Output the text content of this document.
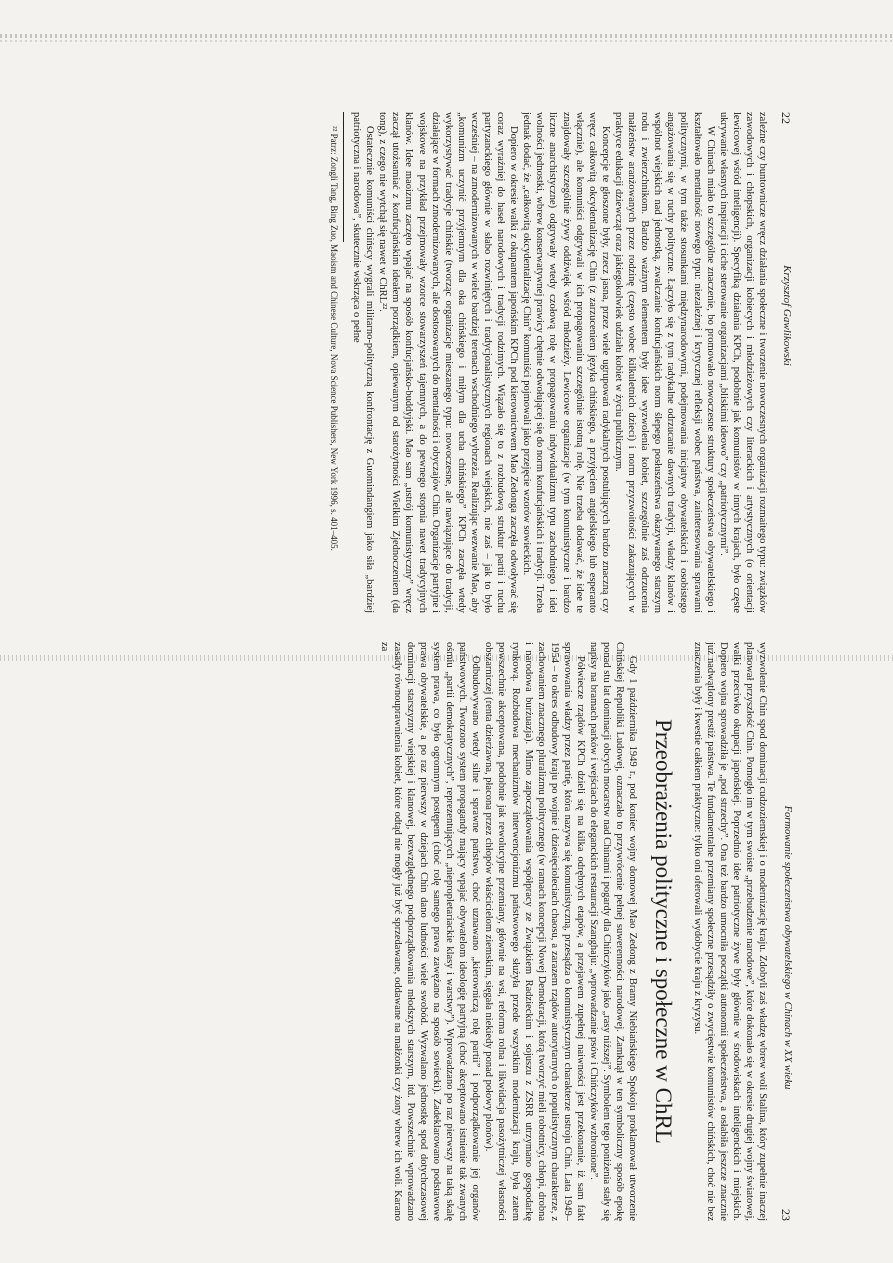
22
Krzysztof Gawlikowski

zależne czy buntownicze wręcz działania społeczne i tworzenie nowoczesnych organizacji rozmaitego typu: związków zawodowych i chłopskich, organizacji kobiecych i młodzieżowych czy literackich i artystycznych (o orientacji lewicowej wśród inteligencji). Specyfiką działania KPCh, podobnie jak komunistów w innych krajach, było częste ukrywanie własnych inspiracji i ciche sterowanie organizacjami „bliskimi ideowo” czy „patriotycznymi”.

W Chinach miało to szczególne znaczenie, bo promowało nowoczesne struktury społeczeństwa obywatelskiego i kształtowało mentalność nowego typu: niezależnej i krytycznej refleksji wobec państwa, zainteresowania sprawami politycznymi, w tym także stosunkami międzynarodowymi, podejmowania inicjatyw obywatelskich i osobistego angażowania się w ruchy polityczne. Łączyło się z tym radykalne odrzucanie dawnych tradycji, władzy klanów i wspólnot wiejskich nad jednostką, zwalczanie konfucjańskich norm ślepego posłuszeństwa okazywanego starszym rodu i zwierzchnikom. Bardzo ważnym elementem były idee wyzwolenia kobiet, szczególnie zaś odrzucenia małżeństw aranżowanych przez rodzinę (często wobec kilkuletnich dzieci) i norm przyzwoitości zakazujących w praktyce edukacji dziewcząt oraz jakiegokolwiek udziału kobiet w życiu publicznym.

Koncepcje te głoszone były, rzecz jasna, przez wiele ugrupowań radykalnych postulujących bardzo znaczną czy wręcz całkowitą okcydentalizację Chin (z zarzuceniem języka chińskiego, a przyjęciem angielskiego lub esperanto włącznie), ale komuniści odgrywali w ich propagowaniu szczególnie istotną rolę. Nie trzeba dodawać, że idee te znajdowały szczególnie żywy oddźwięk wśród młodzieży. Lewicowe organizacje (w tym komunistyczne i bardzo liczne anarchistyczne) odgrywały wtedy czołową rolę w propagowaniu indywidualizmu typu zachodniego i idei wolności jednostki, wbrew konserwatywnej prawicy chętnie odwołującej się do norm konfucjańskich i tradycji. Trzeba jednak dodać, że „całkowitą okcydentalizację Chin” komuniści pojmowali jako przejęcie wzorów sowieckich.

Dopiero w okresie walki z okupantem japońskim KPCh pod kierownictwem Mao Zedonga zaczęła odwoływać się coraz wyraźniej do haseł narodowych i tradycji rodzimych. Wiązało się to z rozbudową struktur partii i ruchu partyzanckiego głównie w słabo rozwiniętych i tradycjonalistycznych regionach wiejskich, nie zaś – jak to było wcześniej – na zmodernizowanych w wielce bardziej terenach wschodniego wybrzeża. Realizując wezwanie Mao, aby „komunizm uczynić przyjemnym dla oka chińskiego i miłym dla ucha chińskiego” KPCh zaczęła wtedy wykorzystywać tradycje chińskie (tworząc organizacje mieszanego typu: nowoczesne, ale nawiązujące do tradycji, działające w formach zmodernizowanych, ale dostosowanych do mentalności i obyczajów Chin. Organizacje partyjne i wojskowe na przykład przejmowały wzorce stowarzyszeń tajemnych, a do pewnego stopnia nawet tradycyjnych klanów. Idee maoizmu zaczęto wpajać na sposób konfucjańsko-buddyjski. Mao sam „ustrój komunistyczny” wręcz zaczął utożsamiać z konfucjańskim ideałem porządkiem, opiewanym od starożytności Wielkim Zjednoczeniem (da tong), z czego nie wytchął się nawet w ChRL²².

Ostatecznie komuniści chińscy wygrali militarno-polityczną konfrontację z Guomindangiem jako siła „bardziej patriotyczna i narodowa”, skutecznie wskrząca o pełne

²² Patrz: Zongli Tang, Bing Zuo, Maoism and Chinese Culture, Nova Science Publishers, New York 1996, s. 401–405.

Formowanie społeczeństwa obywatelskiego w Chinach w XX wieku
23

wyzwolenie Chin spod dominacji cudzoziemskiej i o modernizację kraju. Zdobyli zaś władzę wbrew woli Stalina, który zupełnie inaczej planował przyszłość Chin. Pomogło im w tym swoiste „przebudzenie narodowe”, które dokonało się w okresie drugiej wojny światowej, walki przeciwko okupacji japońskiej. Poprzednio idee patriotyczne żywe były głównie w środowiskach inteligenckich i miejskich. Dopiero wojna sprowadziła je „pod strzechy”. Ona też bardzo umocniła początki autonomii społeczeństwa, a osłabiła jeszcze znacznie już nadwątlony prestiż państwa. Te fundamentalne przemiany społeczne przesądziły o zwycięstwie komunistów chińskich, choć nie bez znaczenia były i kwestie całkiem praktyczne: tylko oni oferowali wydobycie kraju z kryzysu.

Przeobrażenia polityczne i społeczne w ChRL

Gdy 1 października 1949 r., pod koniec wojny domowej Mao Zedong z Bramy Niebiańskiego Spokoju proklamował utworzenie Chińskiej Republiki Ludowej, oznaczało to przywrócenie pełnej suwerenności narodowej. Zamknął w ten symboliczny sposób epokę ponad stu lat dominacji obcych mocarstw nad Chinami i pogardy dla Chińczyków jako „rasy niższej”. Symbolem tego poniżenia stały się napisy na bramach parków i wejściach do eleganckich restauracji Szanghaju: „wprowadzanie psów i Chińczyków wzbronione”.

Półwiecze rządów KPCh dzieli się na kilka odrębnych etapów, a przejawem zupełnej naiwności jest przekonanie, iż sam fakt sprawowania władzy przez partię, która nazywa się komunistyczną, przesądza o komunistycznym charakterze ustroju Chin. Lata 1949–1954 – to okres odbudowy kraju po wojnie i dziesięcioleciach chaosu, a zarazem rządów autorytarnych o populistycznym charakterze, z zachowaniem znacznego pluralizmu politycznego (w ramach koncepcji Nowej Demokracji, którą tworzyć mieli robotnicy, chłopi, drobna i narodowa burżuazja). Mimo zapoczątkowania współpracy ze Związkiem Radzieckim i sojuszu z ZSRR utrzymano gospodarkę rynkową. Rozbudowa mechanizmów interwencjonizmu państwowego służyła przede wszystkim modernizacji kraju, była zatem powszechnie akceptowana, podobnie jak rewolucyjne przemiany, głównie na wsi, reforma rolna i likwidacja pasożytniczej własności obszarniczej (renta dzierżawna, płacona przez chłopów właścicielom ziemskim, sięgała niekiedy ponad połowy plonów).

Odbudowywano wtedy silne i sprawne państwo, choć uznawano „kierowniczą rolę partii” i podporządkowanie jej organów państwowych. Tworzono system propagandy mający wpajać obywatelom ideologię partyjną (choć akceptowano istnienie tak zwanych ośmiu „partii demokratycznych”, reprezentujących „niepropletariackie klasy i warstwy”). Wprowadzano po raz pierwszy na taką skalę system prawa, co było ogromnym postępem (choć rolę samego prawa zawężano na sposób sowiecki). Zadeklarowano podstawowe prawa obywatelskie, a po raz pierwszy w dziejach Chin dano ludności wiele swobód. Wyzwalano jednostkę spod dotychczasowej dominacji starszyzny wiejskiej i klanowej, bezwzględnego podporządkowania młodszych starszym, itd. Powszechnie wprowadzano zasady równouprawnienia kobiet, które odtąd nie mogły już być sprzedawane, oddawane na małżonki czy żony wbrew ich woli. Karano za
